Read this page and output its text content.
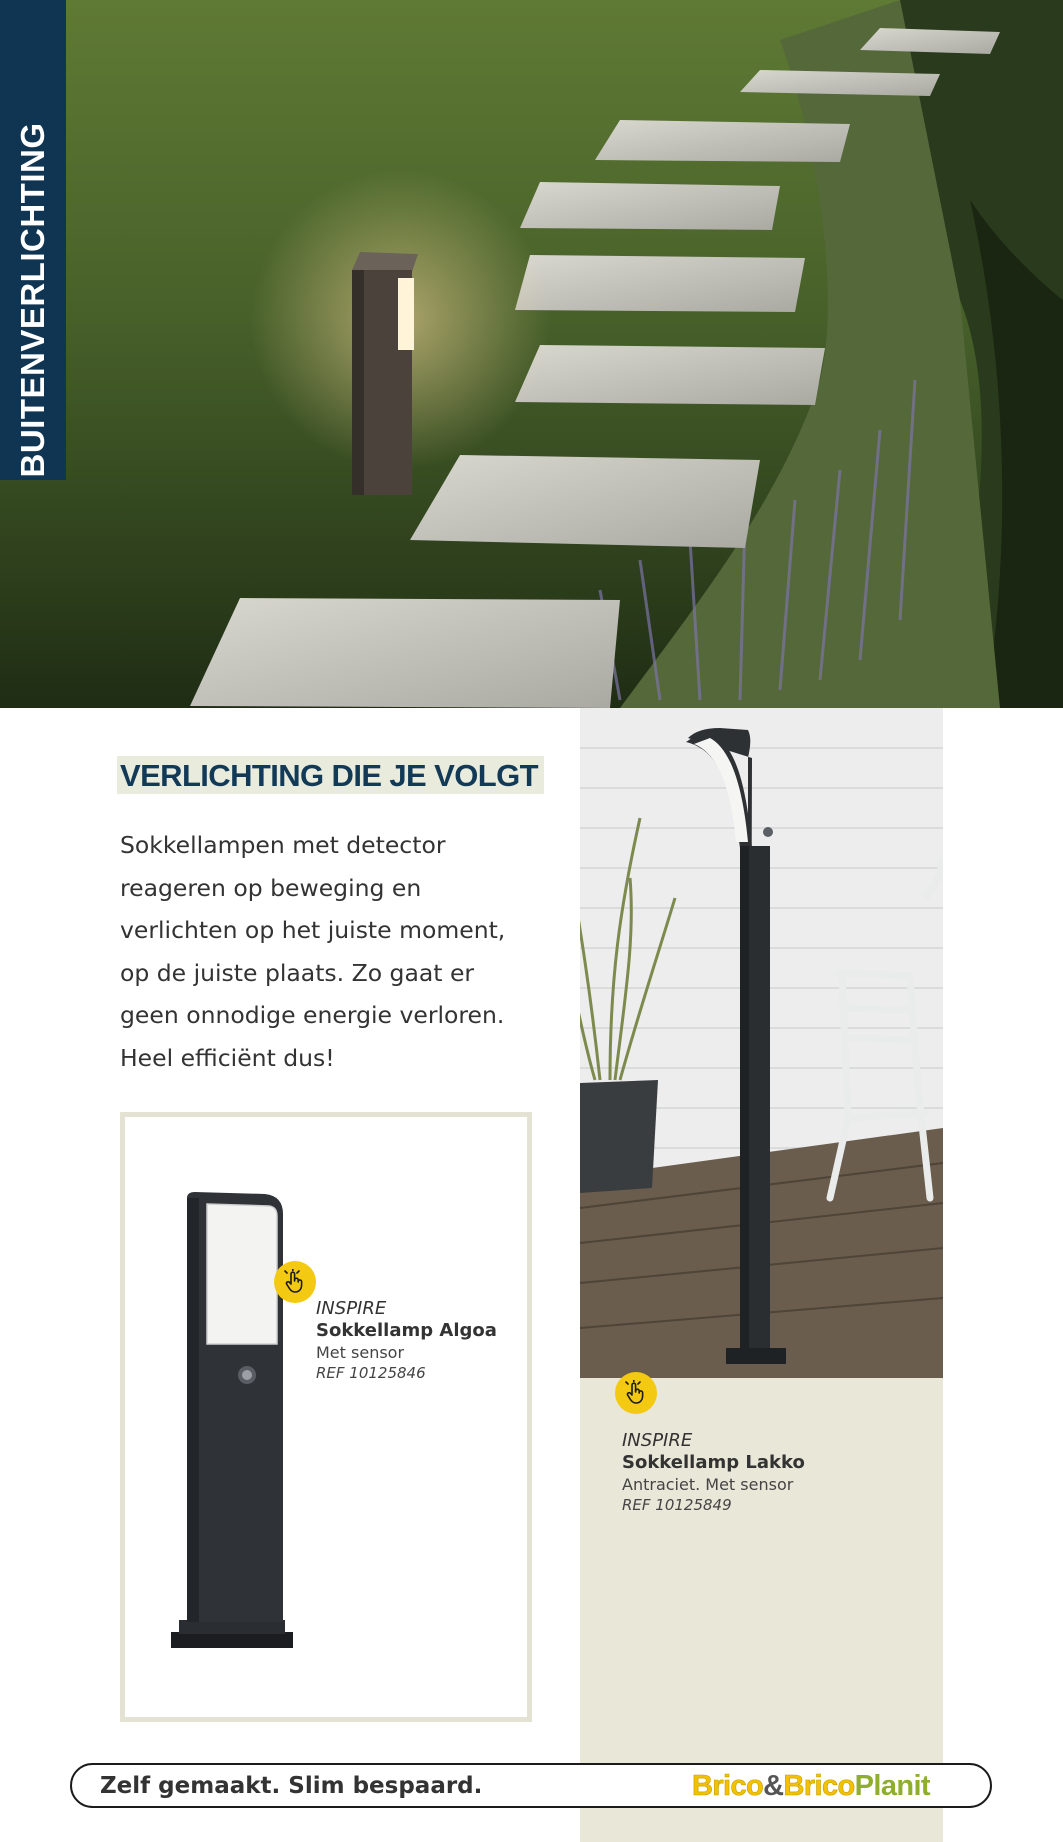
BUITENVERLICHTING
VERLICHTING DIE JE VOLGT
Sokkellampen met detector
reageren op beweging en
verlichten op het juiste moment,
op de juiste plaats. Zo gaat er
geen onnodige energie verloren.
Heel efficiënt dus!
INSPIRE
Sokkellamp Algoa
Met sensor
REF 10125846
INSPIRE
Sokkellamp Lakko
Antraciet. Met sensor
REF 10125849
Zelf gemaakt. Slim bespaard.	Brico&BricoPlanit
